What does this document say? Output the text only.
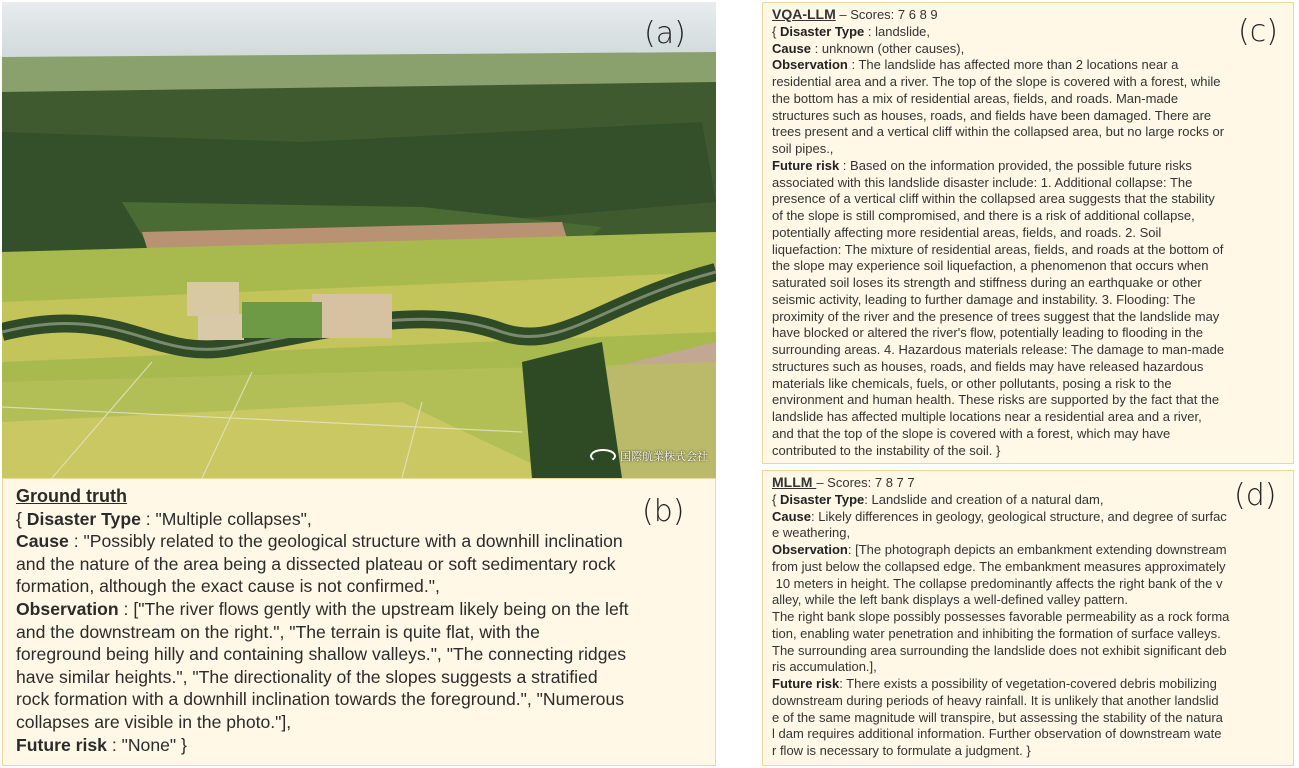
国際航業株式会社
(a)
Ground truth
{ Disaster Type : "Multiple collapses",
Cause : "Possibly related to the geological structure with a downhill inclination
and the nature of the area being a dissected plateau or soft sedimentary rock
formation, although the exact cause is not confirmed.",
Observation : ["The river flows gently with the upstream likely being on the left
and the downstream on the right.", "The terrain is quite flat, with the
foreground being hilly and containing shallow valleys.", "The connecting ridges
have similar heights.", "The directionality of the slopes suggests a stratified
rock formation with a downhill inclination towards the foreground.", "Numerous
collapses are visible in the photo."],
Future risk : "None" }
(b)
VQA-LLM – Scores: 7 6 8 9
{ Disaster Type : landslide,
Cause : unknown (other causes),
Observation : The landslide has affected more than 2 locations near a
residential area and a river. The top of the slope is covered with a forest, while
the bottom has a mix of residential areas, fields, and roads. Man-made
structures such as houses, roads, and fields have been damaged. There are
trees present and a vertical cliff within the collapsed area, but no large rocks or
soil pipes.,
Future risk : Based on the information provided, the possible future risks
associated with this landslide disaster include: 1. Additional collapse: The
presence of a vertical cliff within the collapsed area suggests that the stability
of the slope is still compromised, and there is a risk of additional collapse,
potentially affecting more residential areas, fields, and roads. 2. Soil
liquefaction: The mixture of residential areas, fields, and roads at the bottom of
the slope may experience soil liquefaction, a phenomenon that occurs when
saturated soil loses its strength and stiffness during an earthquake or other
seismic activity, leading to further damage and instability. 3. Flooding: The
proximity of the river and the presence of trees suggest that the landslide may
have blocked or altered the river's flow, potentially leading to flooding in the
surrounding areas. 4. Hazardous materials release: The damage to man-made
structures such as houses, roads, and fields may have released hazardous
materials like chemicals, fuels, or other pollutants, posing a risk to the
environment and human health. These risks are supported by the fact that the
landslide has affected multiple locations near a residential area and a river,
and that the top of the slope is covered with a forest, which may have
contributed to the instability of the soil. }
(c)
MLLM – Scores: 7 8 7 7
{ Disaster Type: Landslide and creation of a natural dam,
Cause: Likely differences in geology, geological structure, and degree of surfac
e weathering,
Observation: [The photograph depicts an embankment extending downstream
from just below the collapsed edge. The embankment measures approximately
10 meters in height. The collapse predominantly affects the right bank of the v
alley, while the left bank displays a well-defined valley pattern.
The right bank slope possibly possesses favorable permeability as a rock forma
tion, enabling water penetration and inhibiting the formation of surface valleys.
The surrounding area surrounding the landslide does not exhibit significant deb
ris accumulation.],
Future risk: There exists a possibility of vegetation-covered debris mobilizing
downstream during periods of heavy rainfall. It is unlikely that another landslid
e of the same magnitude will transpire, but assessing the stability of the natura
l dam requires additional information. Further observation of downstream wate
r flow is necessary to formulate a judgment. }
(d)
